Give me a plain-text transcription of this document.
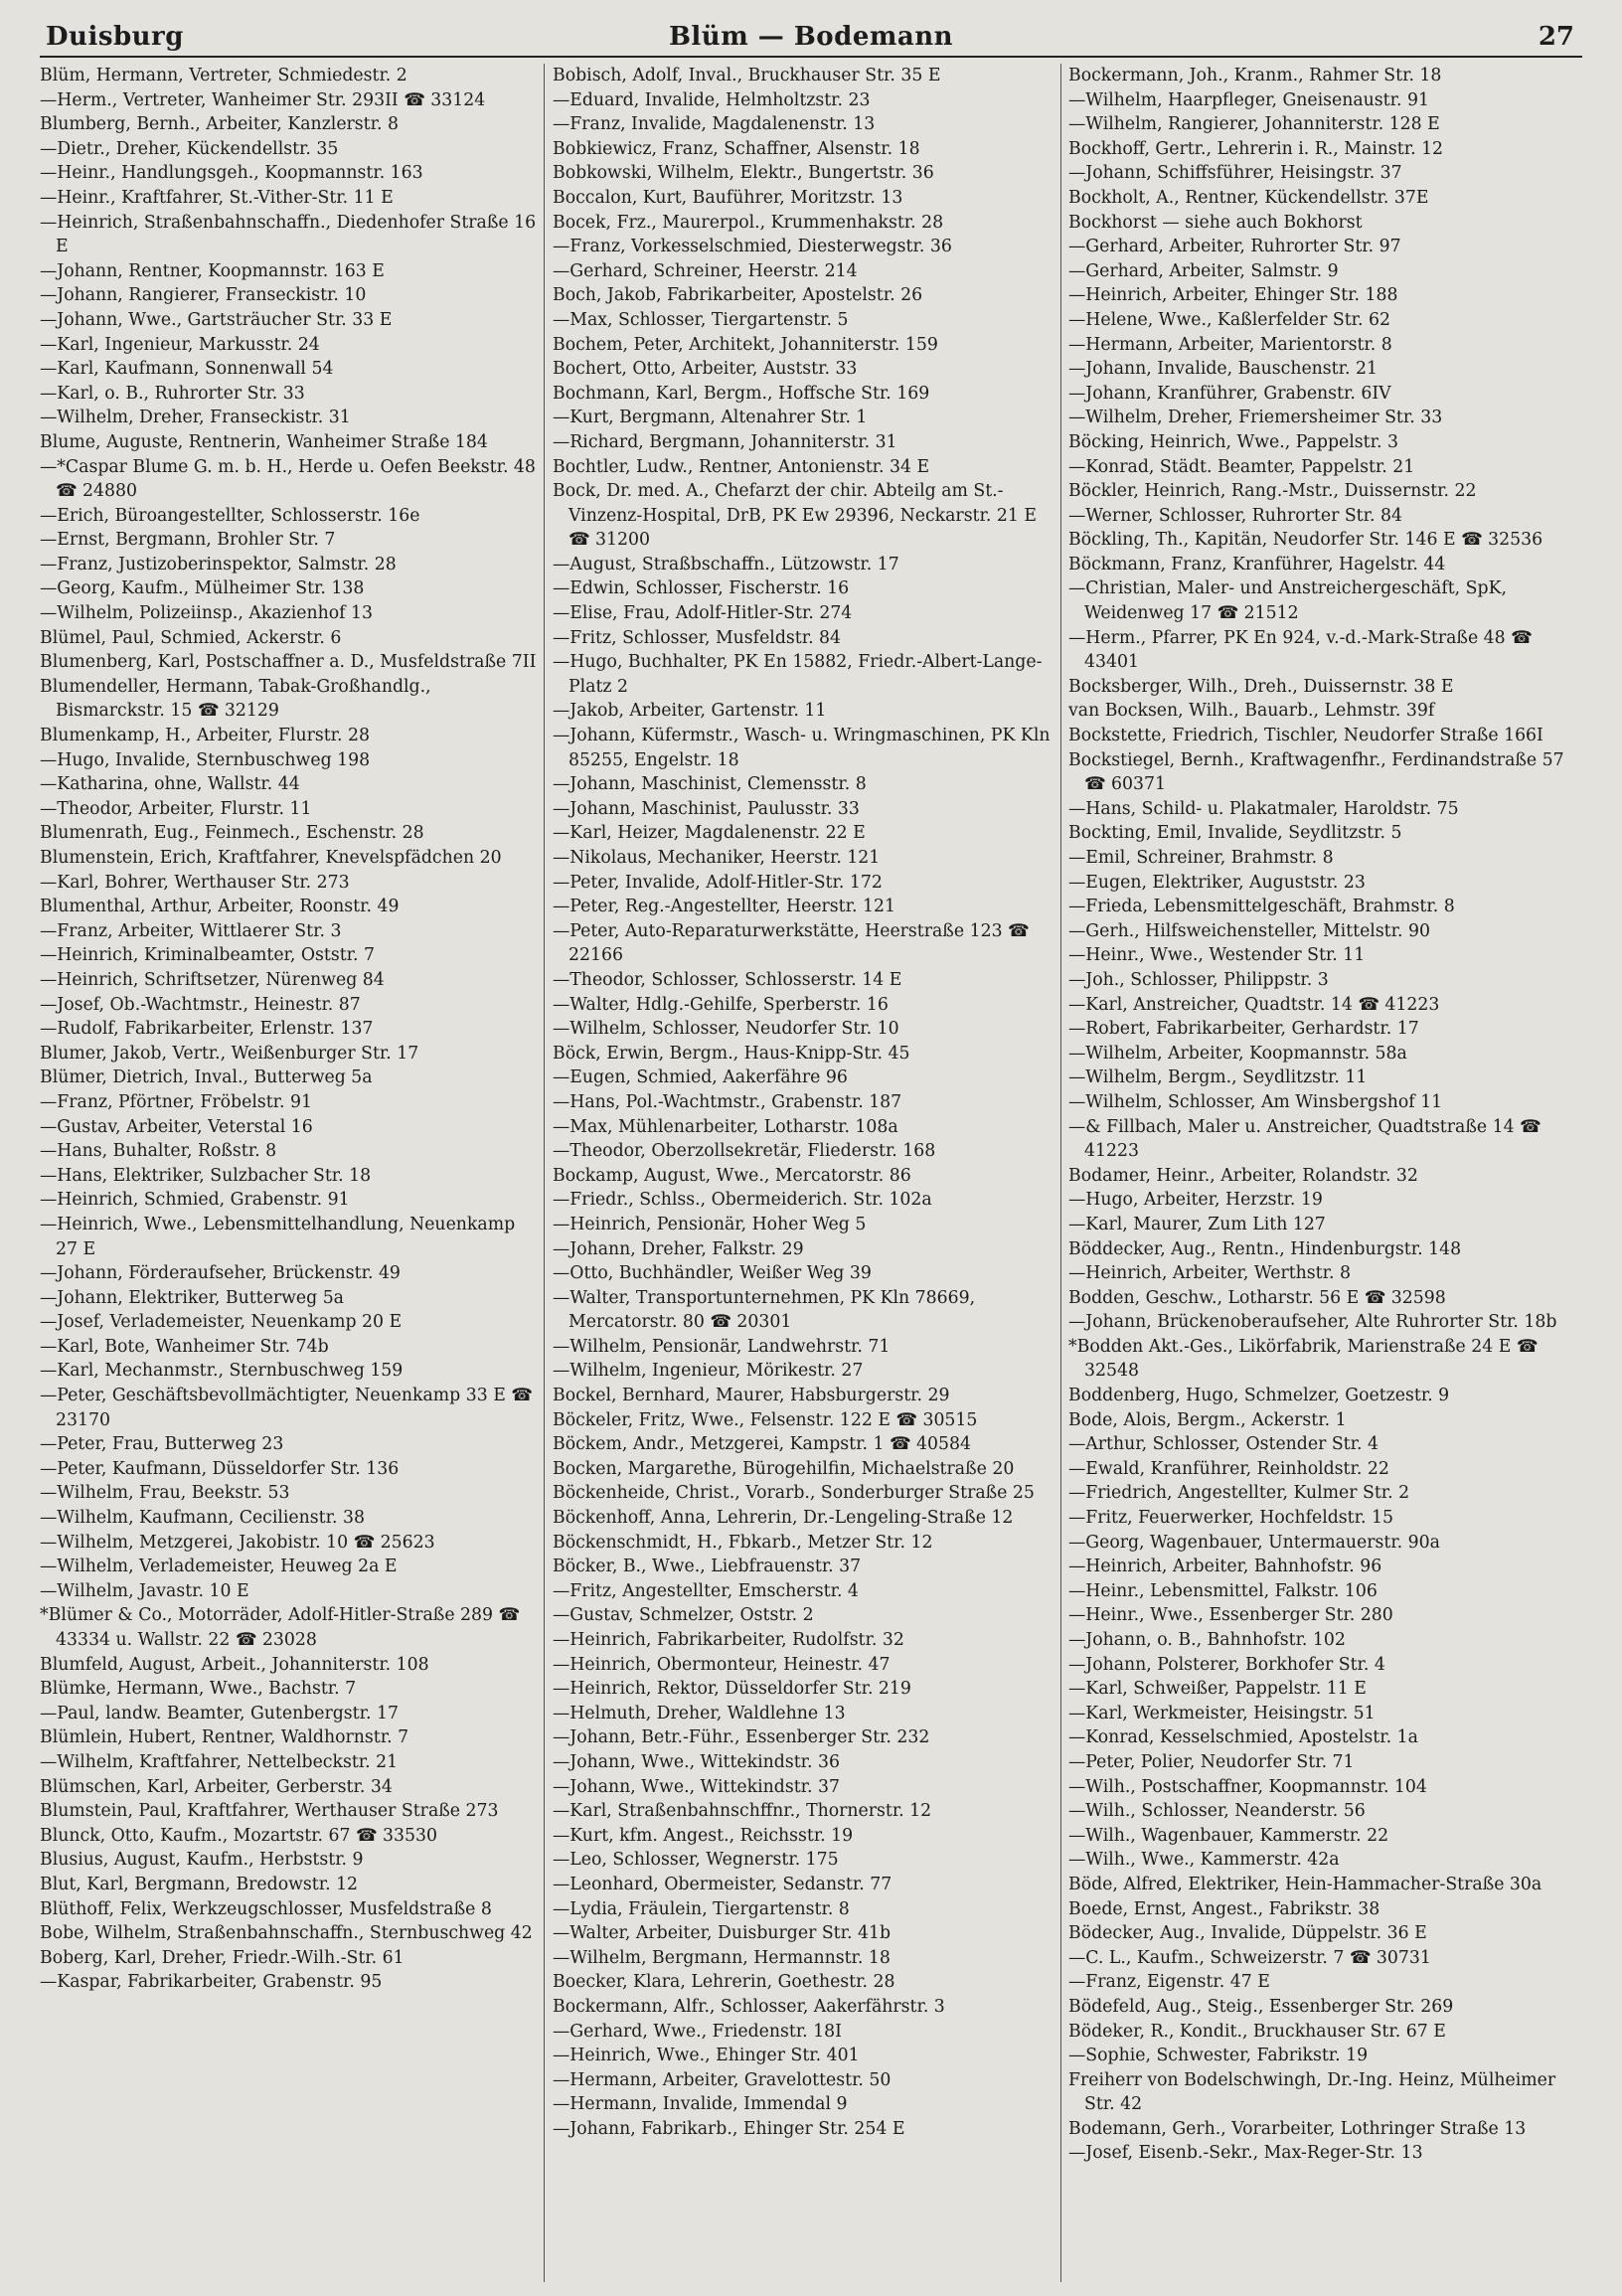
Duisburg	Blüm — Bodemann	27
Blüm, Hermann, Vertreter, Schmiedestr. 2
—Herm., Vertreter, Wanheimer Str. 293II ☎ 33124
Blumberg, Bernh., Arbeiter, Kanzlerstr. 8
—Dietr., Dreher, Kückendellstr. 35
—Heinr., Handlungsgeh., Koopmannstr. 163
—Heinr., Kraftfahrer, St.-Vither-Str. 11 E
—Heinrich, Straßenbahnschaffn., Diedenhofer Straße 16 E
—Johann, Rentner, Koopmannstr. 163 E
—Johann, Rangierer, Franseckistr. 10
—Johann, Wwe., Gartsträucher Str. 33 E
—Karl, Ingenieur, Markusstr. 24
—Karl, Kaufmann, Sonnenwall 54
—Karl, o. B., Ruhrorter Str. 33
—Wilhelm, Dreher, Franseckistr. 31
Blume, Auguste, Rentnerin, Wanheimer Straße 184
—*Caspar Blume G. m. b. H., Herde u. Oefen Beekstr. 48 ☎ 24880
—Erich, Büroangestellter, Schlosserstr. 16e
—Ernst, Bergmann, Brohler Str. 7
—Franz, Justizoberinspektor, Salmstr. 28
—Georg, Kaufm., Mülheimer Str. 138
—Wilhelm, Polizeiinsp., Akazienhof 13
Blümel, Paul, Schmied, Ackerstr. 6
Blumenberg, Karl, Postschaffner a. D., Musfeldstraße 7II
Blumendeller, Hermann, Tabak-Großhandlg., Bismarckstr. 15 ☎ 32129
Blumenkamp, H., Arbeiter, Flurstr. 28
—Hugo, Invalide, Sternbuschweg 198
—Katharina, ohne, Wallstr. 44
—Theodor, Arbeiter, Flurstr. 11
Blumenrath, Eug., Feinmech., Eschenstr. 28
Blumenstein, Erich, Kraftfahrer, Knevelspfädchen 20
—Karl, Bohrer, Werthauser Str. 273
Blumenthal, Arthur, Arbeiter, Roonstr. 49
—Franz, Arbeiter, Wittlaerer Str. 3
—Heinrich, Kriminalbeamter, Oststr. 7
—Heinrich, Schriftsetzer, Nürenweg 84
—Josef, Ob.-Wachtmstr., Heinestr. 87
—Rudolf, Fabrikarbeiter, Erlenstr. 137
Blumer, Jakob, Vertr., Weißenburger Str. 17
Blümer, Dietrich, Inval., Butterweg 5a
—Franz, Pförtner, Fröbelstr. 91
—Gustav, Arbeiter, Veterstal 16
—Hans, Buhalter, Roßstr. 8
—Hans, Elektriker, Sulzbacher Str. 18
—Heinrich, Schmied, Grabenstr. 91
—Heinrich, Wwe., Lebensmittelhandlung, Neuenkamp 27 E
—Johann, Förderaufseher, Brückenstr. 49
—Johann, Elektriker, Butterweg 5a
—Josef, Verlademeister, Neuenkamp 20 E
—Karl, Bote, Wanheimer Str. 74b
—Karl, Mechanmstr., Sternbuschweg 159
—Peter, Geschäftsbevollmächtigter, Neuenkamp 33 E ☎ 23170
—Peter, Frau, Butterweg 23
—Peter, Kaufmann, Düsseldorfer Str. 136
—Wilhelm, Frau, Beekstr. 53
—Wilhelm, Kaufmann, Cecilienstr. 38
—Wilhelm, Metzgerei, Jakobistr. 10 ☎ 25623
—Wilhelm, Verlademeister, Heuweg 2a E
—Wilhelm, Javastr. 10 E
*Blümer & Co., Motorräder, Adolf-Hitler-Straße 289 ☎ 43334 u. Wallstr. 22 ☎ 23028
Blumfeld, August, Arbeit., Johanniterstr. 108
Blümke, Hermann, Wwe., Bachstr. 7
—Paul, landw. Beamter, Gutenbergstr. 17
Blümlein, Hubert, Rentner, Waldhornstr. 7
—Wilhelm, Kraftfahrer, Nettelbeckstr. 21
Blümschen, Karl, Arbeiter, Gerberstr. 34
Blumstein, Paul, Kraftfahrer, Werthauser Straße 273
Blunck, Otto, Kaufm., Mozartstr. 67 ☎ 33530
Blusius, August, Kaufm., Herbststr. 9
Blut, Karl, Bergmann, Bredowstr. 12
Blüthoff, Felix, Werkzeugschlosser, Musfeldstraße 8
Bobe, Wilhelm, Straßenbahnschaffn., Sternbuschweg 42
Boberg, Karl, Dreher, Friedr.-Wilh.-Str. 61
—Kaspar, Fabrikarbeiter, Grabenstr. 95
Bobisch, Adolf, Inval., Bruckhauser Str. 35 E
—Eduard, Invalide, Helmholtzstr. 23
—Franz, Invalide, Magdalenenstr. 13
Bobkiewicz, Franz, Schaffner, Alsenstr. 18
Bobkowski, Wilhelm, Elektr., Bungertstr. 36
Boccalon, Kurt, Bauführer, Moritzstr. 13
Bocek, Frz., Maurerpol., Krummenhakstr. 28
—Franz, Vorkesselschmied, Diesterwegstr. 36
—Gerhard, Schreiner, Heerstr. 214
Boch, Jakob, Fabrikarbeiter, Apostelstr. 26
—Max, Schlosser, Tiergartenstr. 5
Bochem, Peter, Architekt, Johanniterstr. 159
Bochert, Otto, Arbeiter, Auststr. 33
Bochmann, Karl, Bergm., Hoffsche Str. 169
—Kurt, Bergmann, Altenahrer Str. 1
—Richard, Bergmann, Johanniterstr. 31
Bochtler, Ludw., Rentner, Antonienstr. 34 E
Bock, Dr. med. A., Chefarzt der chir. Abteilg am St.-Vinzenz-Hospital, DrB, PK Ew 29396, Neckarstr. 21 E ☎ 31200
—August, Straßbschaffn., Lützowstr. 17
—Edwin, Schlosser, Fischerstr. 16
—Elise, Frau, Adolf-Hitler-Str. 274
—Fritz, Schlosser, Musfeldstr. 84
—Hugo, Buchhalter, PK En 15882, Friedr.-Albert-Lange-Platz 2
—Jakob, Arbeiter, Gartenstr. 11
—Johann, Küfermstr., Wasch- u. Wringmaschinen, PK Kln 85255, Engelstr. 18
—Johann, Maschinist, Clemensstr. 8
—Johann, Maschinist, Paulusstr. 33
—Karl, Heizer, Magdalenenstr. 22 E
—Nikolaus, Mechaniker, Heerstr. 121
—Peter, Invalide, Adolf-Hitler-Str. 172
—Peter, Reg.-Angestellter, Heerstr. 121
—Peter, Auto-Reparaturwerkstätte, Heerstraße 123 ☎ 22166
—Theodor, Schlosser, Schlosserstr. 14 E
—Walter, Hdlg.-Gehilfe, Sperberstr. 16
—Wilhelm, Schlosser, Neudorfer Str. 10
Böck, Erwin, Bergm., Haus-Knipp-Str. 45
—Eugen, Schmied, Aakerfähre 96
—Hans, Pol.-Wachtmstr., Grabenstr. 187
—Max, Mühlenarbeiter, Lotharstr. 108a
—Theodor, Oberzollsekretär, Fliederstr. 168
Bockamp, August, Wwe., Mercatorstr. 86
—Friedr., Schlss., Obermeiderich. Str. 102a
—Heinrich, Pensionär, Hoher Weg 5
—Johann, Dreher, Falkstr. 29
—Otto, Buchhändler, Weißer Weg 39
—Walter, Transportunternehmen, PK Kln 78669, Mercatorstr. 80 ☎ 20301
—Wilhelm, Pensionär, Landwehrstr. 71
—Wilhelm, Ingenieur, Mörikestr. 27
Bockel, Bernhard, Maurer, Habsburgerstr. 29
Böckeler, Fritz, Wwe., Felsenstr. 122 E ☎ 30515
Böckem, Andr., Metzgerei, Kampstr. 1 ☎ 40584
Bocken, Margarethe, Bürogehilfin, Michaelstraße 20
Böckenheide, Christ., Vorarb., Sonderburger Straße 25
Böckenhoff, Anna, Lehrerin, Dr.-Lengeling-Straße 12
Böckenschmidt, H., Fbkarb., Metzer Str. 12
Böcker, B., Wwe., Liebfrauenstr. 37
—Fritz, Angestellter, Emscherstr. 4
—Gustav, Schmelzer, Oststr. 2
—Heinrich, Fabrikarbeiter, Rudolfstr. 32
—Heinrich, Obermonteur, Heinestr. 47
—Heinrich, Rektor, Düsseldorfer Str. 219
—Helmuth, Dreher, Waldlehne 13
—Johann, Betr.-Führ., Essenberger Str. 232
—Johann, Wwe., Wittekindstr. 36
—Johann, Wwe., Wittekindstr. 37
—Karl, Straßenbahnschffnr., Thornerstr. 12
—Kurt, kfm. Angest., Reichsstr. 19
—Leo, Schlosser, Wegnerstr. 175
—Leonhard, Obermeister, Sedanstr. 77
—Lydia, Fräulein, Tiergartenstr. 8
—Walter, Arbeiter, Duisburger Str. 41b
—Wilhelm, Bergmann, Hermannstr. 18
Boecker, Klara, Lehrerin, Goethestr. 28
Bockermann, Alfr., Schlosser, Aakerfährstr. 3
—Gerhard, Wwe., Friedenstr. 18I
—Heinrich, Wwe., Ehinger Str. 401
—Hermann, Arbeiter, Gravelottestr. 50
—Hermann, Invalide, Immendal 9
—Johann, Fabrikarb., Ehinger Str. 254 E
Bockermann, Joh., Kranm., Rahmer Str. 18
—Wilhelm, Haarpfleger, Gneisenaustr. 91
—Wilhelm, Rangierer, Johanniterstr. 128 E
Bockhoff, Gertr., Lehrerin i. R., Mainstr. 12
—Johann, Schiffsführer, Heisingstr. 37
Bockholt, A., Rentner, Kückendellstr. 37E
Bockhorst — siehe auch Bokhorst
—Gerhard, Arbeiter, Ruhrorter Str. 97
—Gerhard, Arbeiter, Salmstr. 9
—Heinrich, Arbeiter, Ehinger Str. 188
—Helene, Wwe., Kaßlerfelder Str. 62
—Hermann, Arbeiter, Marientorstr. 8
—Johann, Invalide, Bauschenstr. 21
—Johann, Kranführer, Grabenstr. 6IV
—Wilhelm, Dreher, Friemersheimer Str. 33
Böcking, Heinrich, Wwe., Pappelstr. 3
—Konrad, Städt. Beamter, Pappelstr. 21
Böckler, Heinrich, Rang.-Mstr., Duissernstr. 22
—Werner, Schlosser, Ruhrorter Str. 84
Böckling, Th., Kapitän, Neudorfer Str. 146 E ☎ 32536
Böckmann, Franz, Kranführer, Hagelstr. 44
—Christian, Maler- und Anstreichergeschäft, SpK, Weidenweg 17 ☎ 21512
—Herm., Pfarrer, PK En 924, v.-d.-Mark-Straße 48 ☎ 43401
Bocksberger, Wilh., Dreh., Duissernstr. 38 E
van Bocksen, Wilh., Bauarb., Lehmstr. 39f
Bockstette, Friedrich, Tischler, Neudorfer Straße 166I
Bockstiegel, Bernh., Kraftwagenfhr., Ferdinandstraße 57 ☎ 60371
—Hans, Schild- u. Plakatmaler, Haroldstr. 75
Bockting, Emil, Invalide, Seydlitzstr. 5
—Emil, Schreiner, Brahmstr. 8
—Eugen, Elektriker, Auguststr. 23
—Frieda, Lebensmittelgeschäft, Brahmstr. 8
—Gerh., Hilfsweichensteller, Mittelstr. 90
—Heinr., Wwe., Westender Str. 11
—Joh., Schlosser, Philippstr. 3
—Karl, Anstreicher, Quadtstr. 14 ☎ 41223
—Robert, Fabrikarbeiter, Gerhardstr. 17
—Wilhelm, Arbeiter, Koopmannstr. 58a
—Wilhelm, Bergm., Seydlitzstr. 11
—Wilhelm, Schlosser, Am Winsbergshof 11
—& Fillbach, Maler u. Anstreicher, Quadtstraße 14 ☎ 41223
Bodamer, Heinr., Arbeiter, Rolandstr. 32
—Hugo, Arbeiter, Herzstr. 19
—Karl, Maurer, Zum Lith 127
Böddecker, Aug., Rentn., Hindenburgstr. 148
—Heinrich, Arbeiter, Werthstr. 8
Bodden, Geschw., Lotharstr. 56 E ☎ 32598
—Johann, Brückenoberaufseher, Alte Ruhrorter Str. 18b
*Bodden Akt.-Ges., Likörfabrik, Marienstraße 24 E ☎ 32548
Boddenberg, Hugo, Schmelzer, Goetzestr. 9
Bode, Alois, Bergm., Ackerstr. 1
—Arthur, Schlosser, Ostender Str. 4
—Ewald, Kranführer, Reinholdstr. 22
—Friedrich, Angestellter, Kulmer Str. 2
—Fritz, Feuerwerker, Hochfeldstr. 15
—Georg, Wagenbauer, Untermauerstr. 90a
—Heinrich, Arbeiter, Bahnhofstr. 96
—Heinr., Lebensmittel, Falkstr. 106
—Heinr., Wwe., Essenberger Str. 280
—Johann, o. B., Bahnhofstr. 102
—Johann, Polsterer, Borkhofer Str. 4
—Karl, Schweißer, Pappelstr. 11 E
—Karl, Werkmeister, Heisingstr. 51
—Konrad, Kesselschmied, Apostelstr. 1a
—Peter, Polier, Neudorfer Str. 71
—Wilh., Postschaffner, Koopmannstr. 104
—Wilh., Schlosser, Neanderstr. 56
—Wilh., Wagenbauer, Kammerstr. 22
—Wilh., Wwe., Kammerstr. 42a
Böde, Alfred, Elektriker, Hein-Hammacher-Straße 30a
Boede, Ernst, Angest., Fabrikstr. 38
Bödecker, Aug., Invalide, Düppelstr. 36 E
—C. L., Kaufm., Schweizerstr. 7 ☎ 30731
—Franz, Eigenstr. 47 E
Bödefeld, Aug., Steig., Essenberger Str. 269
Bödeker, R., Kondit., Bruckhauser Str. 67 E
—Sophie, Schwester, Fabrikstr. 19
Freiherr von Bodelschwingh, Dr.-Ing. Heinz, Mülheimer Str. 42
Bodemann, Gerh., Vorarbeiter, Lothringer Straße 13
—Josef, Eisenb.-Sekr., Max-Reger-Str. 13
